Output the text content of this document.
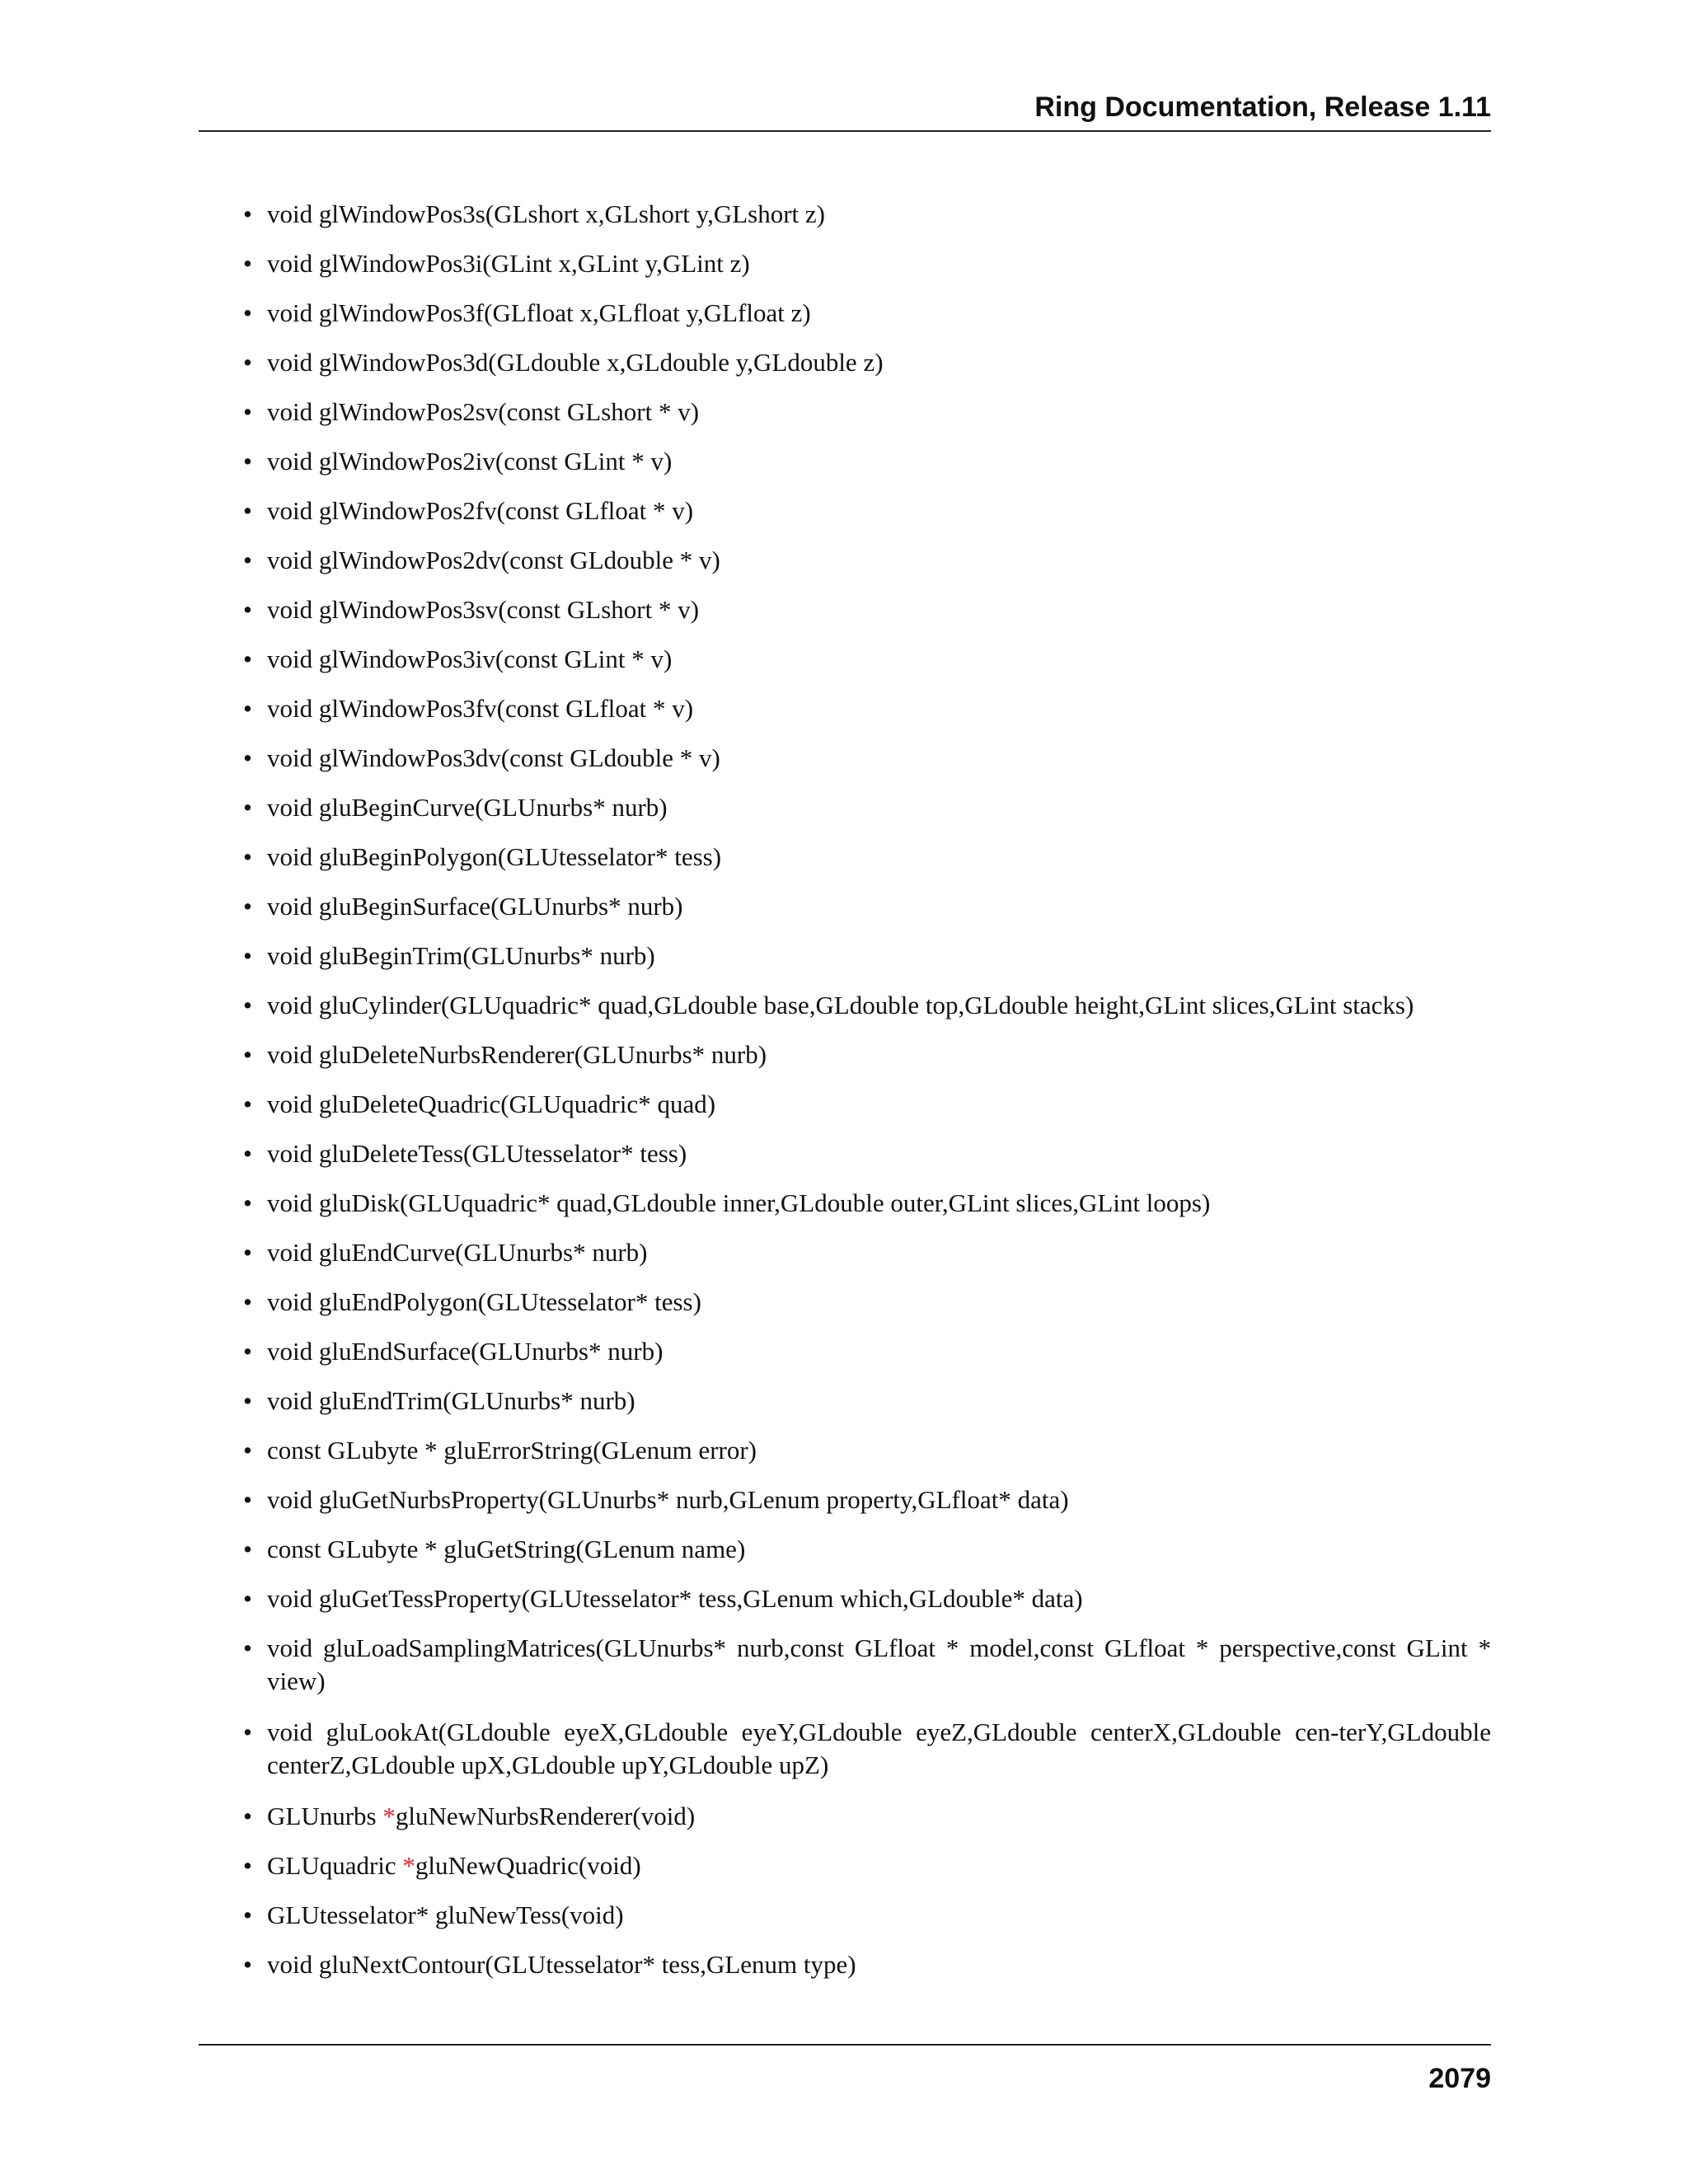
Ring Documentation, Release 1.11
• void glWindowPos3s(GLshort x,GLshort y,GLshort z)
• void glWindowPos3i(GLint x,GLint y,GLint z)
• void glWindowPos3f(GLfloat x,GLfloat y,GLfloat z)
• void glWindowPos3d(GLdouble x,GLdouble y,GLdouble z)
• void glWindowPos2sv(const GLshort * v)
• void glWindowPos2iv(const GLint * v)
• void glWindowPos2fv(const GLfloat * v)
• void glWindowPos2dv(const GLdouble * v)
• void glWindowPos3sv(const GLshort * v)
• void glWindowPos3iv(const GLint * v)
• void glWindowPos3fv(const GLfloat * v)
• void glWindowPos3dv(const GLdouble * v)
• void gluBeginCurve(GLUnurbs* nurb)
• void gluBeginPolygon(GLUtesselator* tess)
• void gluBeginSurface(GLUnurbs* nurb)
• void gluBeginTrim(GLUnurbs* nurb)
• void gluCylinder(GLUquadric* quad,GLdouble base,GLdouble top,GLdouble height,GLint slices,GLint stacks)
• void gluDeleteNurbsRenderer(GLUnurbs* nurb)
• void gluDeleteQuadric(GLUquadric* quad)
• void gluDeleteTess(GLUtesselator* tess)
• void gluDisk(GLUquadric* quad,GLdouble inner,GLdouble outer,GLint slices,GLint loops)
• void gluEndCurve(GLUnurbs* nurb)
• void gluEndPolygon(GLUtesselator* tess)
• void gluEndSurface(GLUnurbs* nurb)
• void gluEndTrim(GLUnurbs* nurb)
• const GLubyte * gluErrorString(GLenum error)
• void gluGetNurbsProperty(GLUnurbs* nurb,GLenum property,GLfloat* data)
• const GLubyte * gluGetString(GLenum name)
• void gluGetTessProperty(GLUtesselator* tess,GLenum which,GLdouble* data)
• void gluLoadSamplingMatrices(GLUnurbs* nurb,const GLfloat * model,const GLfloat * perspective,const GLint * view)
• void gluLookAt(GLdouble eyeX,GLdouble eyeY,GLdouble eyeZ,GLdouble centerX,GLdouble cen-terY,GLdouble centerZ,GLdouble upX,GLdouble upY,GLdouble upZ)
• GLUnurbs *gluNewNurbsRenderer(void)
• GLUquadric *gluNewQuadric(void)
• GLUtesselator* gluNewTess(void)
• void gluNextContour(GLUtesselator* tess,GLenum type)
2079
